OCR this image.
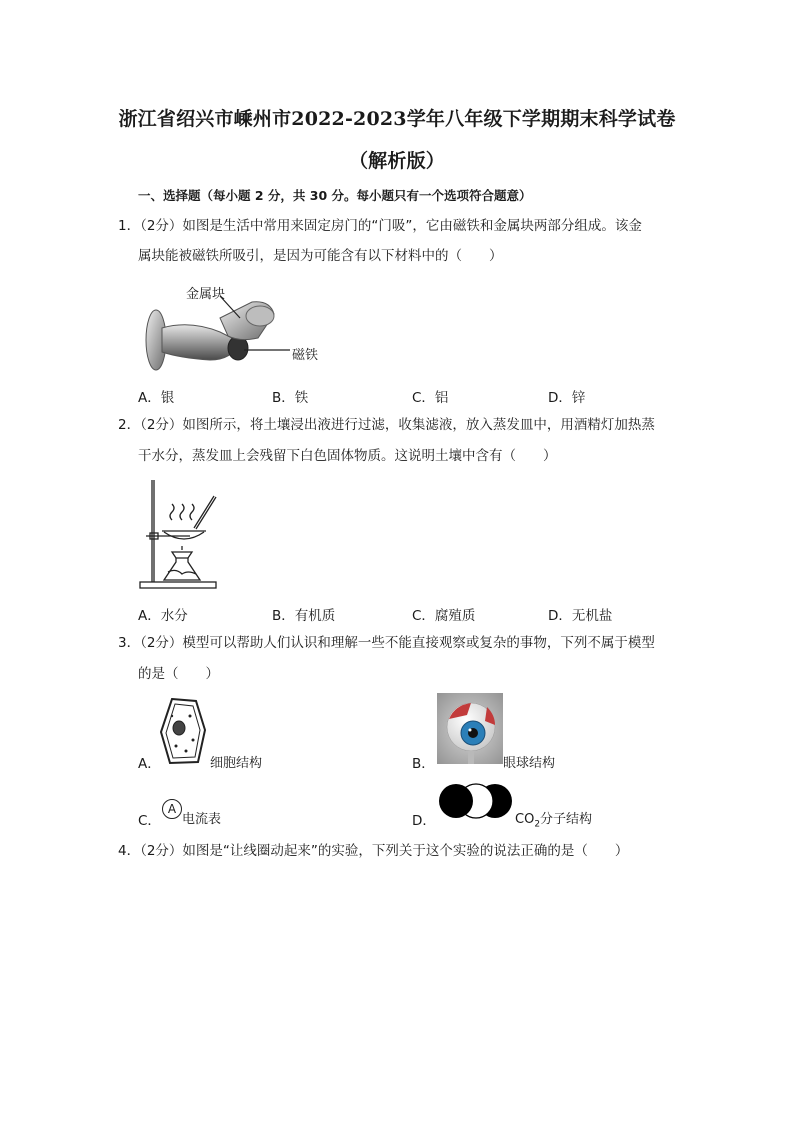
浙江省绍兴市嵊州市2022-2023学年八年级下学期期末科学试卷
（解析版）
一、选择题（每小题 2 分，共 30 分。每小题只有一个选项符合题意）
1．（2分）如图是生活中常用来固定房门的“门吸”，它由磁铁和金属块两部分组成。该金
属块能被磁铁所吸引，是因为可能含有以下材料中的（　　）
金属块
磁铁
A．银	B．铁	C．铝	D．锌
2．（2分）如图所示，将土壤浸出液进行过滤，收集滤液，放入蒸发皿中，用酒精灯加热蒸
干水分，蒸发皿上会残留下白色固体物质。这说明土壤中含有（　　）
A．水分	B．有机质	C．腐殖质	D．无机盐
3．（2分）模型可以帮助人们认识和理解一些不能直接观察或复杂的事物，下列不属于模型
的是（　　）
A．	细胞结构	B．	眼球结构
C．
A
电流表	D．	$CO_2$分子结构
4．（2分）如图是“让线圈动起来”的实验，下列关于这个实验的说法正确的是（　　）
